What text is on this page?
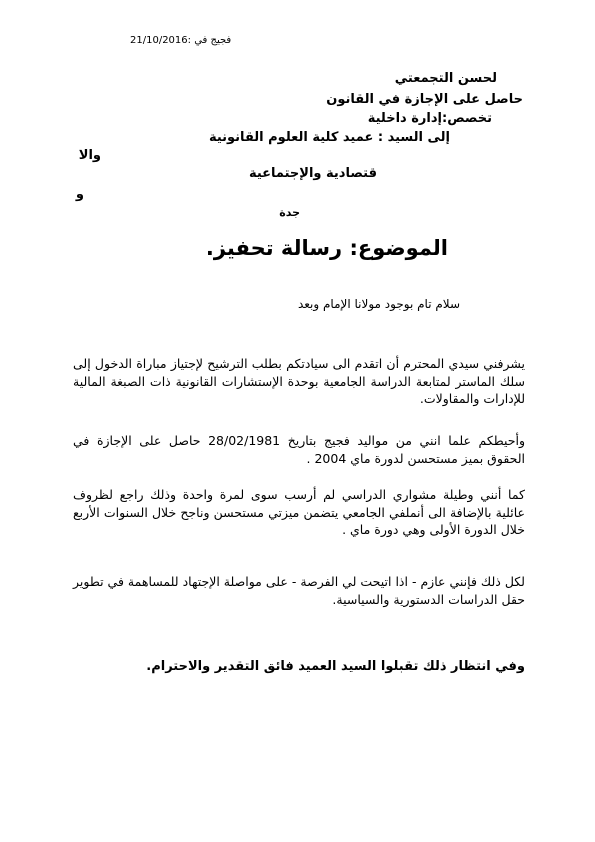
فجيج في :21/10/2016
لحسن التجمعتي
حاصل على الإجازة في القانون
تخصص:إدارة داخلية
إلى السيد : عميد كلية العلوم القانونية
والا
قتصادية والإجتماعية
و
جدة
الموضوع: رسالة تحفيز.
سلام تام بوجود مولانا الإمام وبعد
يشرفني سيدي المحترم أن اتقدم الى سيادتكم بطلب الترشيح لإجتياز مباراة الدخول إلى سلك الماستر لمتابعة الدراسة الجامعية بوحدة الإستشارات القانونية ذات الصبغة المالية للإدارات والمقاولات.
وأحيطكم علما انني من مواليد فجيج بتاريخ 28/02/1981 حاصل على الإجازة في الحقوق بميز مستحسن لدورة ماي 2004 .
كما أنني وطيلة مشواري الدراسي لم أرسب سوى لمرة واحدة وذلك راجع لظروف عائلية بالإضافة الى أنملفي الجامعي يتضمن ميزتي مستحسن وناجح خلال السنوات الأربع خلال الدورة الأولى وهي دورة ماي .
لكل ذلك فإنني عازم - اذا اتيحت لي الفرصة - على مواصلة الإجتهاد للمساهمة في تطوير حقل الدراسات الدستورية والسياسية.
وفي انتظار ذلك تقبلوا السيد العميد فائق التقدير والاحترام.
